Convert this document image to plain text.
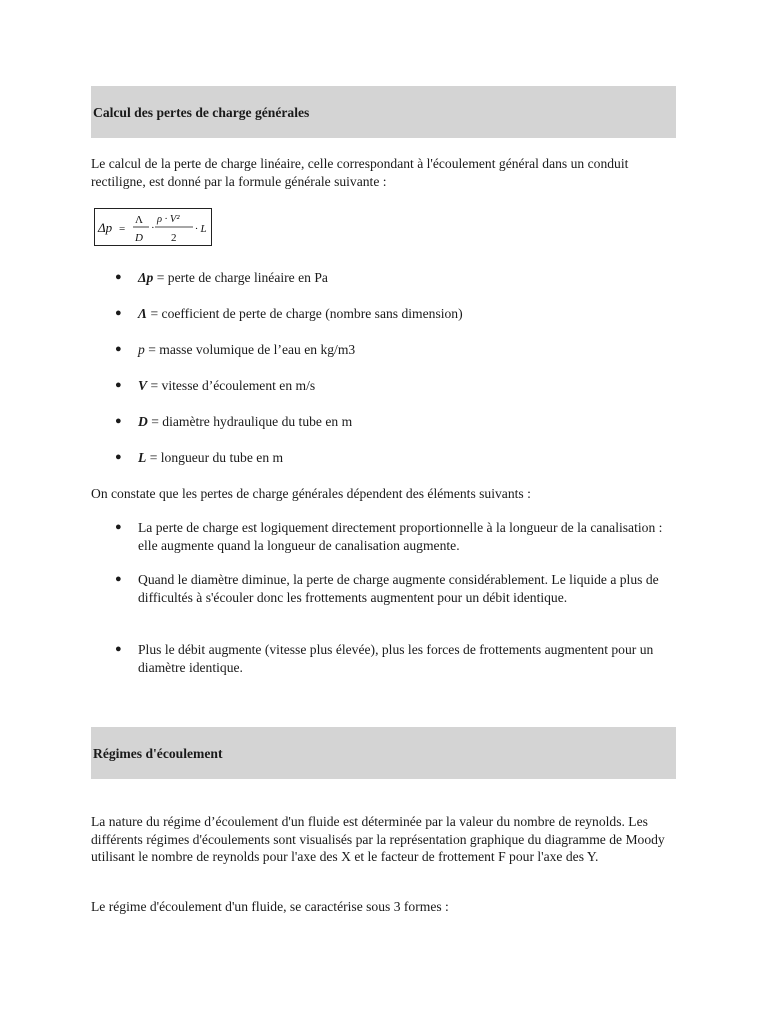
Calcul des pertes de charge générales

Le calcul de la perte de charge linéaire, celle correspondant à l'écoulement général dans un conduit rectiligne, est donné par la formule générale suivante :

Δp =
Λ
D
·
ρ · V²
2
· L
●	Δp = perte de charge linéaire en Pa
●	Λ = coefficient de perte de charge (nombre sans dimension)
●	p = masse volumique de l’eau en kg/m3
●	V = vitesse d’écoulement en m/s
●	D = diamètre hydraulique du tube en m
●	L = longueur du tube en m

On constate que les pertes de charge générales dépendent des éléments suivants :

●	La perte de charge est logiquement directement proportionnelle à la longueur de la canalisation : elle augmente quand la longueur de canalisation augmente.
●	Quand le diamètre diminue, la perte de charge augmente considérablement. Le liquide a plus de difficultés à s'écouler donc les frottements augmentent pour un débit identique.
●	Plus le débit augmente (vitesse plus élevée), plus les forces de frottements augmentent pour un diamètre identique.
Régimes d'écoulement

La nature du régime d’écoulement d'un fluide est déterminée par la valeur du nombre de reynolds. Les différents régimes d'écoulements sont visualisés par la représentation graphique du diagramme de Moody utilisant le nombre de reynolds pour l'axe des X et le facteur de frottement F pour l'axe des Y.

Le régime d'écoulement d'un fluide, se caractérise sous 3 formes :
